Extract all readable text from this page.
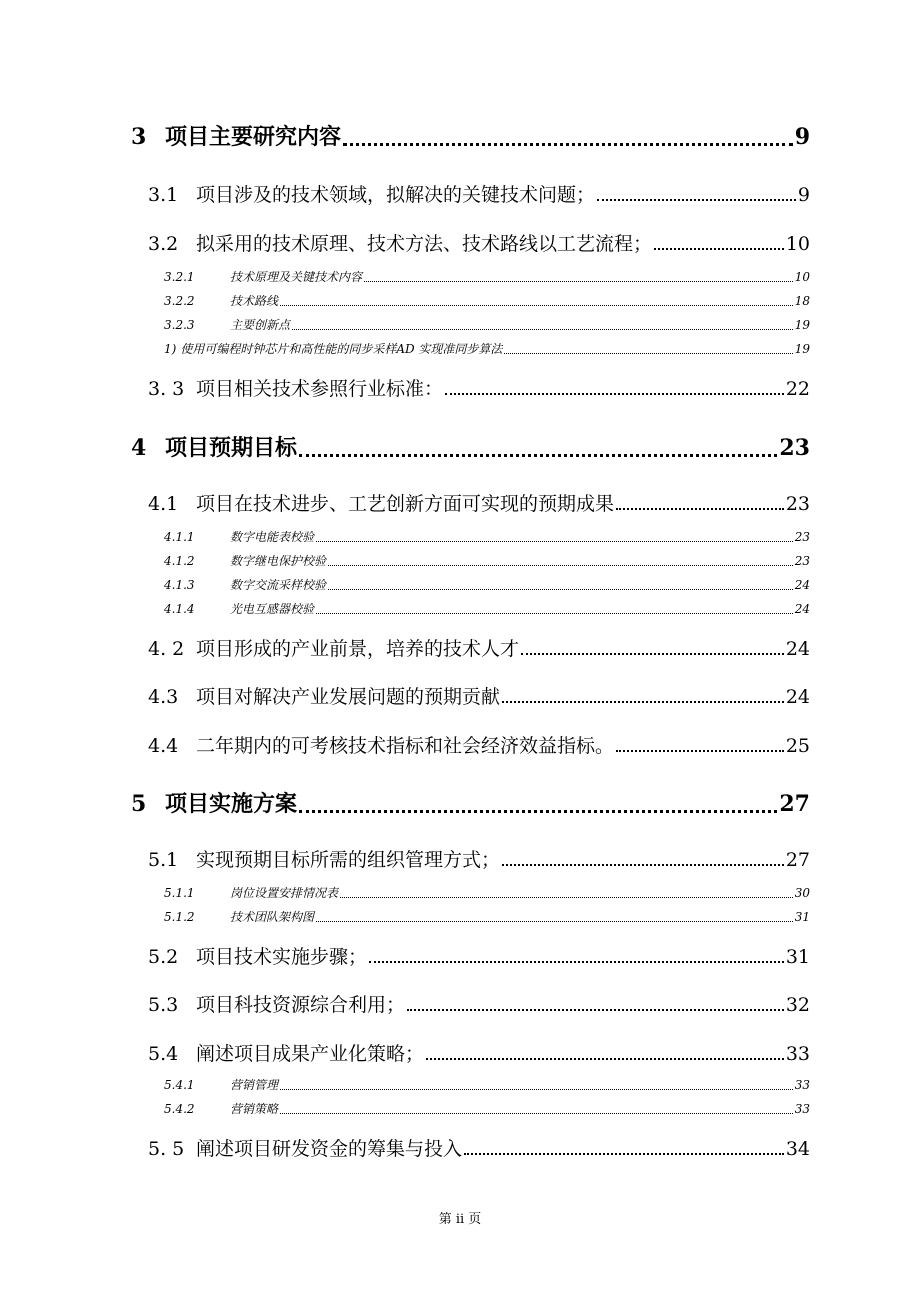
3 项目主要研究内容	9
3.1 项目涉及的技术领域，拟解决的关键技术问题；	9
3.2 拟采用的技术原理、技术方法、技术路线以工艺流程；	10
3.2.1	技术原理及关键技术内容	10
3.2.2	技术路线	18
3.2.3	主要创新点	19
1) 使用可编程时钟芯片和高性能的同步采样AD 实现准同步算法	19
3. 3 项目相关技术参照行业标准：	22
4 项目预期目标	23
4.1 项目在技术进步、工艺创新方面可实现的预期成果	23
4.1.1	数字电能表校验	23
4.1.2	数字继电保护校验	23
4.1.3	数字交流采样校验	24
4.1.4	光电互感器校验	24
4. 2 项目形成的产业前景，培养的技术人才	24
4.3 项目对解决产业发展问题的预期贡献	24
4.4 二年期内的可考核技术指标和社会经济效益指标。	25
5 项目实施方案	27
5.1 实现预期目标所需的组织管理方式；	27
5.1.1	岗位设置安排情况表	30
5.1.2	技术团队架构图	31
5.2 项目技术实施步骤；	31
5.3 项目科技资源综合利用；	32
5.4 阐述项目成果产业化策略；	33
5.4.1	营销管理	33
5.4.2	营销策略	33
5. 5 阐述项目研发资金的筹集与投入	34
第 ii 页
